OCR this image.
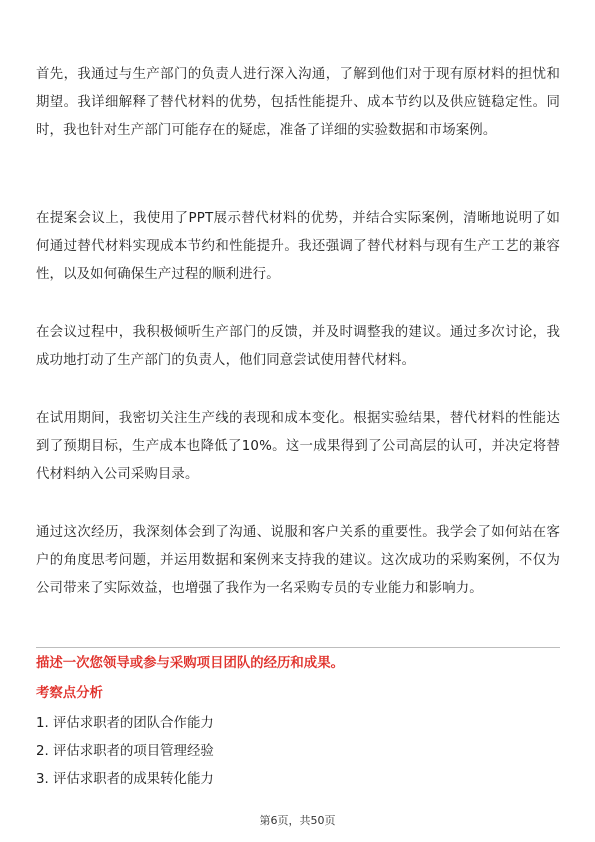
首先，我通过与生产部门的负责人进行深入沟通，了解到他们对于现有原材料的担忧和期望。我详细解释了替代材料的优势，包括性能提升、成本节约以及供应链稳定性。同时，我也针对生产部门可能存在的疑虑，准备了详细的实验数据和市场案例。

在提案会议上，我使用了PPT展示替代材料的优势，并结合实际案例，清晰地说明了如何通过替代材料实现成本节约和性能提升。我还强调了替代材料与现有生产工艺的兼容性，以及如何确保生产过程的顺利进行。

在会议过程中，我积极倾听生产部门的反馈，并及时调整我的建议。通过多次讨论，我成功地打动了生产部门的负责人，他们同意尝试使用替代材料。

在试用期间，我密切关注生产线的表现和成本变化。根据实验结果，替代材料的性能达到了预期目标，生产成本也降低了10%。这一成果得到了公司高层的认可，并决定将替代材料纳入公司采购目录。

通过这次经历，我深刻体会到了沟通、说服和客户关系的重要性。我学会了如何站在客户的角度思考问题，并运用数据和案例来支持我的建议。这次成功的采购案例，不仅为公司带来了实际效益，也增强了我作为一名采购专员的专业能力和影响力。

描述一次您领导或参与采购项目团队的经历和成果。

考察点分析

1. 评估求职者的团队合作能力
2. 评估求职者的项目管理经验
3. 评估求职者的成果转化能力
第6页，共50页
